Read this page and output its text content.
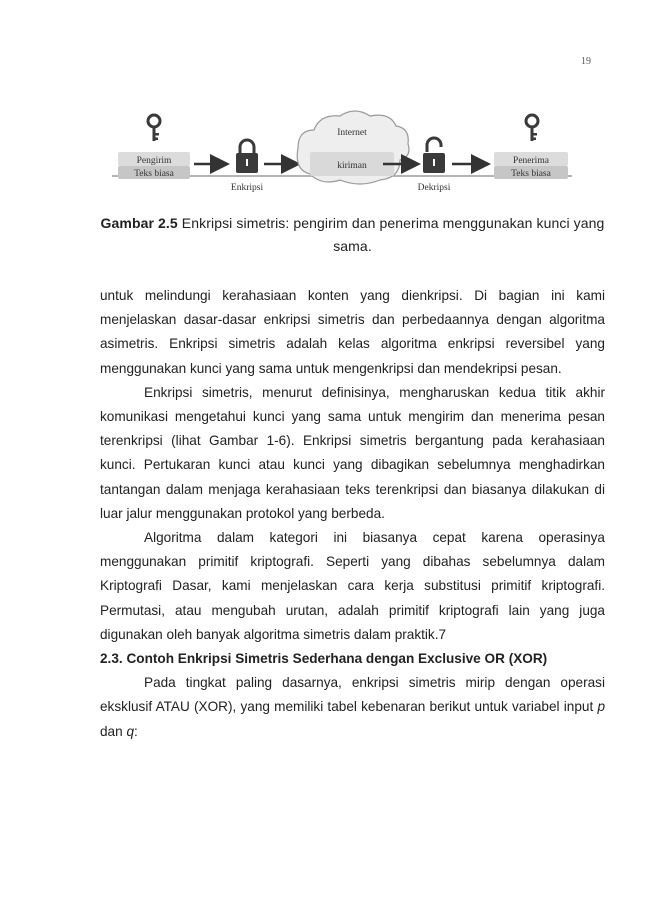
19
Pengirim
Teks biasa
Enkripsi
Internet
kiriman
Dekripsi
Penerima
Teks biasa
Gambar 2.5 Enkripsi simetris: pengirim dan penerima menggunakan kunci yang sama.

untuk melindungi kerahasiaan konten yang dienkripsi. Di bagian ini kami menjelaskan dasar-dasar enkripsi simetris dan perbedaannya dengan algoritma asimetris. Enkripsi simetris adalah kelas algoritma enkripsi reversibel yang menggunakan kunci yang sama untuk mengenkripsi dan mendekripsi pesan.

Enkripsi simetris, menurut definisinya, mengharuskan kedua titik akhir komunikasi mengetahui kunci yang sama untuk mengirim dan menerima pesan terenkripsi (lihat Gambar 1-6). Enkripsi simetris bergantung pada kerahasiaan kunci. Pertukaran kunci atau kunci yang dibagikan sebelumnya menghadirkan tantangan dalam menjaga kerahasiaan teks terenkripsi dan biasanya dilakukan di luar jalur menggunakan protokol yang berbeda.

Algoritma dalam kategori ini biasanya cepat karena operasinya menggunakan primitif kriptografi. Seperti yang dibahas sebelumnya dalam Kriptografi Dasar, kami menjelaskan cara kerja substitusi primitif kriptografi. Permutasi, atau mengubah urutan, adalah primitif kriptografi lain yang juga digunakan oleh banyak algoritma simetris dalam praktik.7

2.3. Contoh Enkripsi Simetris Sederhana dengan Exclusive OR (XOR)

Pada tingkat paling dasarnya, enkripsi simetris mirip dengan operasi eksklusif ATAU (XOR), yang memiliki tabel kebenaran berikut untuk variabel input p dan q:
